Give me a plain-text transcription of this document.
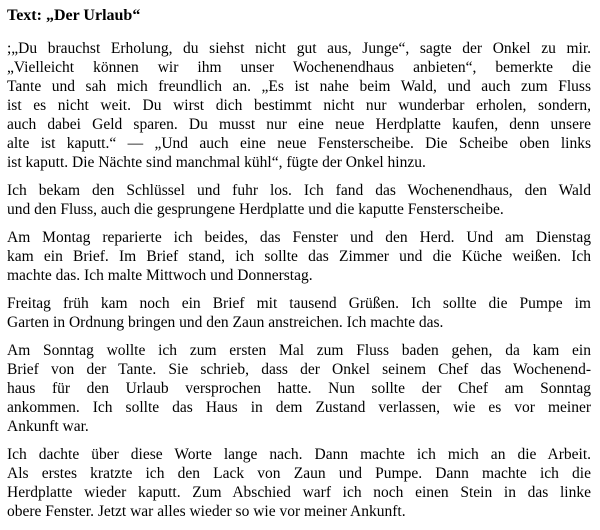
Text: „Der Urlaub“
;„Du brauchst Erholung, du siehst nicht gut aus, Junge“, sagte der Onkel zu mir.
„Vielleicht können wir ihm unser Wochenendhaus anbieten“, bemerkte die
Tante und sah mich freundlich an. „Es ist nahe beim Wald, und auch zum Fluss
ist es nicht weit. Du wirst dich bestimmt nicht nur wunderbar erholen, sondern,
auch dabei Geld sparen. Du musst nur eine neue Herdplatte kaufen, denn unsere
alte ist kaputt.“ — „Und auch eine neue Fensterscheibe. Die Scheibe oben links
ist kaputt. Die Nächte sind manchmal kühl“, fügte der Onkel hinzu.
Ich bekam den Schlüssel und fuhr los. Ich fand das Wochenendhaus, den Wald
und den Fluss, auch die gesprungene Herdplatte und die kaputte Fensterscheibe.
Am Montag reparierte ich beides, das Fenster und den Herd. Und am Dienstag
kam ein Brief. Im Brief stand, ich sollte das Zimmer und die Küche weißen. Ich
machte das. Ich malte Mittwoch und Donnerstag.
Freitag früh kam noch ein Brief mit tausend Grüßen. Ich sollte die Pumpe im
Garten in Ordnung bringen und den Zaun anstreichen. Ich machte das.
Am Sonntag wollte ich zum ersten Mal zum Fluss baden gehen, da kam ein
Brief von der Tante. Sie schrieb, dass der Onkel seinem Chef das Wochenend-
haus für den Urlaub versprochen hatte. Nun sollte der Chef am Sonntag
ankommen. Ich sollte das Haus in dem Zustand verlassen, wie es vor meiner
Ankunft war.
Ich dachte über diese Worte lange nach. Dann machte ich mich an die Arbeit.
Als erstes kratzte ich den Lack von Zaun und Pumpe. Dann machte ich die
Herdplatte wieder kaputt. Zum Abschied warf ich noch einen Stein in das linke
obere Fenster. Jetzt war alles wieder so wie vor meiner Ankunft.
